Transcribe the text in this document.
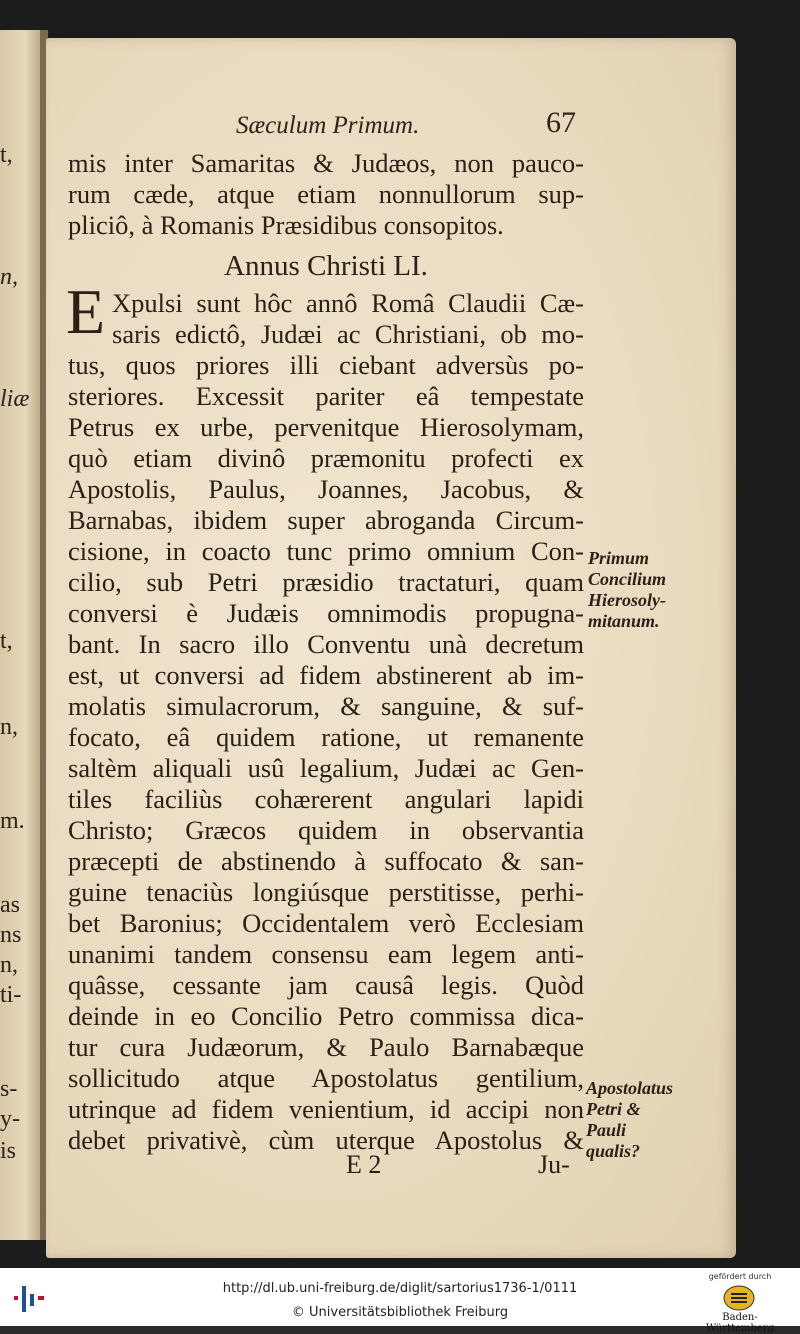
t,
n,
liæ
t,
n,
m.
as
ns
n,
ti-
s-
y-
is
Sæculum Primum.	67
mis inter Samaritas & Judæos, non pauco-
rum cæde, atque etiam nonnullorum sup-
pliciô, à Romanis Præsidibus consopitos.
Annus Christi LI.
E Xpulsi sunt hôc annô Româ Claudii Cæ-
saris edictô, Judæi ac Christiani, ob mo-
tus, quos priores illi ciebant adversùs po-
steriores. Excessit pariter eâ tempestate
Petrus ex urbe, pervenitque Hierosolymam,
quò etiam divinô præmonitu profecti ex
Apostolis, Paulus, Joannes, Jacobus, &
Barnabas, ibidem super abroganda Circum-
cisione, in coacto tunc primo omnium Con-
cilio, sub Petri præsidio tractaturi, quam
conversi è Judæis omnimodis propugna-
bant. In sacro illo Conventu unà decretum
est, ut conversi ad fidem abstinerent ab im-
molatis simulacrorum, & sanguine, & suf-
focato, eâ quidem ratione, ut remanente
saltèm aliquali usû legalium, Judæi ac Gen-
tiles faciliùs cohærerent angulari lapidi
Christo; Græcos quidem in observantia
præcepti de abstinendo à suffocato & san-
guine tenaciùs longiúsque perstitisse, perhi-
bet Baronius; Occidentalem verò Ecclesiam
unanimi tandem consensu eam legem anti-
quâsse, cessante jam causâ legis. Quòd
deinde in eo Concilio Petro commissa dica-
tur cura Judæorum, & Paulo Barnabæque
sollicitudo atque Apostolatus gentilium,
utrinque ad fidem venientium, id accipi non
debet privativè, cùm uterque Apostolus &
Primum
Concilium
Hierosoly-
mitanum.
Apostolatus
Petri &
Pauli
qualis?
E 2	Ju-
http://dl.ub.uni-freiburg.de/diglit/sartorius1736-1/0111
© Universitätsbibliothek Freiburg
gefördert durch
Baden-Württemberg
